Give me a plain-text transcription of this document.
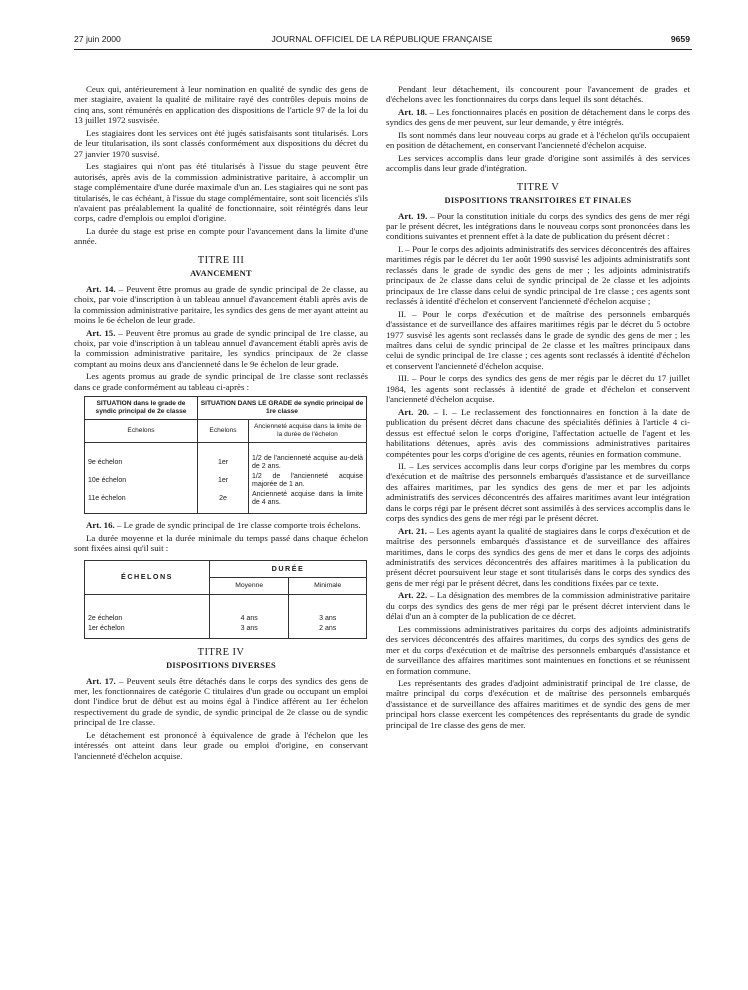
27 juin 2000	JOURNAL OFFICIEL DE LA RÉPUBLIQUE FRANÇAISE	9659

Ceux qui, antérieurement à leur nomination en qualité de syndic des gens de mer stagiaire, avaient la qualité de militaire rayé des contrôles depuis moins de cinq ans, sont rémunérés en application des dispositions de l'article 97 de la loi du 13 juillet 1972 susvisée.

Les stagiaires dont les services ont été jugés satisfaisants sont titularisés. Lors de leur titularisation, ils sont classés conformément aux dispositions du décret du 27 janvier 1970 susvisé.

Les stagiaires qui n'ont pas été titularisés à l'issue du stage peuvent être autorisés, après avis de la commission administrative paritaire, à accomplir un stage complémentaire d'une durée maximale d'un an. Les stagiaires qui ne sont pas titularisés, le cas échéant, à l'issue du stage complémentaire, sont soit licenciés s'ils n'avaient pas préalablement la qualité de fonctionnaire, soit réintégrés dans leur corps, cadre d'emplois ou emploi d'origine.

La durée du stage est prise en compte pour l'avancement dans la limite d'une année.

TITRE III
AVANCEMENT

Art. 14. – Peuvent être promus au grade de syndic principal de 2e classe, au choix, par voie d'inscription à un tableau annuel d'avancement établi après avis de la commission administrative paritaire, les syndics des gens de mer ayant atteint au moins le 6e échelon de leur grade.

Art. 15. – Peuvent être promus au grade de syndic principal de 1re classe, au choix, par voie d'inscription à un tableau annuel d'avancement établi après avis de la commission administrative paritaire, les syndics principaux de 2e classe comptant au moins deux ans d'ancienneté dans le 9e échelon de leur grade.

Les agents promus au grade de syndic principal de 1re classe sont reclassés dans ce grade conformément au tableau ci-après :

SITUATION dans le grade de syndic principal de 2e classe	SITUATION DANS LE GRADE de syndic principal de 1re classe	
Echelons	Echelons	Ancienneté acquise dans la limite de la durée de l'échelon
9e échelon	1er	1/2 de l'ancienneté acquise au-delà de 2 ans.
10e échelon	1er	1/2 de l'ancienneté acquise majorée de 1 an.
11e échelon	2e	Ancienneté acquise dans la limite de 4 ans.

Art. 16. – Le grade de syndic principal de 1re classe comporte trois échelons.

La durée moyenne et la durée minimale du temps passé dans chaque échelon sont fixées ainsi qu'il suit :

ÉCHELONS	DURÉE	
	Moyenne	Minimale
2e échelon	4 ans	3 ans
1er échelon	3 ans	2 ans
TITRE IV
DISPOSITIONS DIVERSES

Art. 17. – Peuvent seuls être détachés dans le corps des syndics des gens de mer, les fonctionnaires de catégorie C titulaires d'un grade ou occupant un emploi dont l'indice brut de début est au moins égal à l'indice afférent au 1er échelon respectivement du grade de syndic, de syndic principal de 2e classe ou de syndic principal de 1re classe.

Le détachement est prononcé à équivalence de grade à l'échelon que les intéressés ont atteint dans leur grade ou emploi d'origine, en conservant l'ancienneté d'échelon acquise.

Pendant leur détachement, ils concourent pour l'avancement de grades et d'échelons avec les fonctionnaires du corps dans lequel ils sont détachés.

Art. 18. – Les fonctionnaires placés en position de détachement dans le corps des syndics des gens de mer peuvent, sur leur demande, y être intégrés.

Ils sont nommés dans leur nouveau corps au grade et à l'échelon qu'ils occupaient en position de détachement, en conservant l'ancienneté d'échelon acquise.

Les services accomplis dans leur grade d'origine sont assimilés à des services accomplis dans leur grade d'intégration.

TITRE V
DISPOSITIONS TRANSITOIRES ET FINALES

Art. 19. – Pour la constitution initiale du corps des syndics des gens de mer régi par le présent décret, les intégrations dans le nouveau corps sont prononcées dans les conditions suivantes et prennent effet à la date de publication du présent décret :

I. – Pour le corps des adjoints administratifs des services déconcentrés des affaires maritimes régis par le décret du 1er août 1990 susvisé les adjoints administratifs sont reclassés dans le grade de syndic des gens de mer ; les adjoints administratifs principaux de 2e classe dans celui de syndic principal de 2e classe et les adjoints principaux de 1re classe dans celui de syndic principal de 1re classe ; ces agents sont reclassés à identité d'échelon et conservent l'ancienneté d'échelon acquise ;

II. – Pour le corps d'exécution et de maîtrise des personnels embarqués d'assistance et de surveillance des affaires maritimes régis par le décret du 5 octobre 1977 susvisé les agents sont reclassés dans le grade de syndic des gens de mer ; les maîtres dans celui de syndic principal de 2e classe et les maîtres principaux dans celui de syndic principal de 1re classe ; ces agents sont reclassés à identité d'échelon et conservent l'ancienneté d'échelon acquise.

III. – Pour le corps des syndics des gens de mer régis par le décret du 17 juillet 1984, les agents sont reclassés à identité de grade et d'échelon et conservent l'ancienneté d'échelon acquise.

Art. 20. – I. – Le reclassement des fonctionnaires en fonction à la date de publication du présent décret dans chacune des spécialités définies à l'article 4 ci-dessus est effectué selon le corps d'origine, l'affectation actuelle de l'agent et les habilitations détenues, après avis des commissions administratives paritaires compétentes pour les corps d'origine de ces agents, réunies en formation commune.

II. – Les services accomplis dans leur corps d'origine par les membres du corps d'exécution et de maîtrise des personnels embarqués d'assistance et de surveillance des affaires maritimes, par les syndics des gens de mer et par les adjoints administratifs des services déconcentrés des affaires maritimes avant leur intégration dans le corps régi par le présent décret sont assimilés à des services accomplis dans le corps des syndics des gens de mer régi par le présent décret.

Art. 21. – Les agents ayant la qualité de stagiaires dans le corps d'exécution et de maîtrise des personnels embarqués d'assistance et de surveillance des affaires maritimes, dans le corps des syndics des gens de mer et dans le corps des adjoints administratifs des services déconcentrés des affaires maritimes à la publication du présent décret poursuivent leur stage et sont titularisés dans le corps des syndics des gens de mer régi par le présent décret, dans les conditions fixées par ce texte.

Art. 22. – La désignation des membres de la commission administrative paritaire du corps des syndics des gens de mer régi par le présent décret intervient dans le délai d'un an à compter de la publication de ce décret.

Les commissions administratives paritaires du corps des adjoints administratifs des services déconcentrés des affaires maritimes, du corps des syndics des gens de mer et du corps d'exécution et de maîtrise des personnels embarqués d'assistance et de surveillance des affaires maritimes sont maintenues en fonctions et se réunissent en formation commune.

Les représentants des grades d'adjoint administratif principal de 1re classe, de maître principal du corps d'exécution et de maîtrise des personnels embarqués d'assistance et de surveillance des affaires maritimes et de syndic des gens de mer principal hors classe exercent les compétences des représentants du grade de syndic principal de 1re classe des gens de mer.
